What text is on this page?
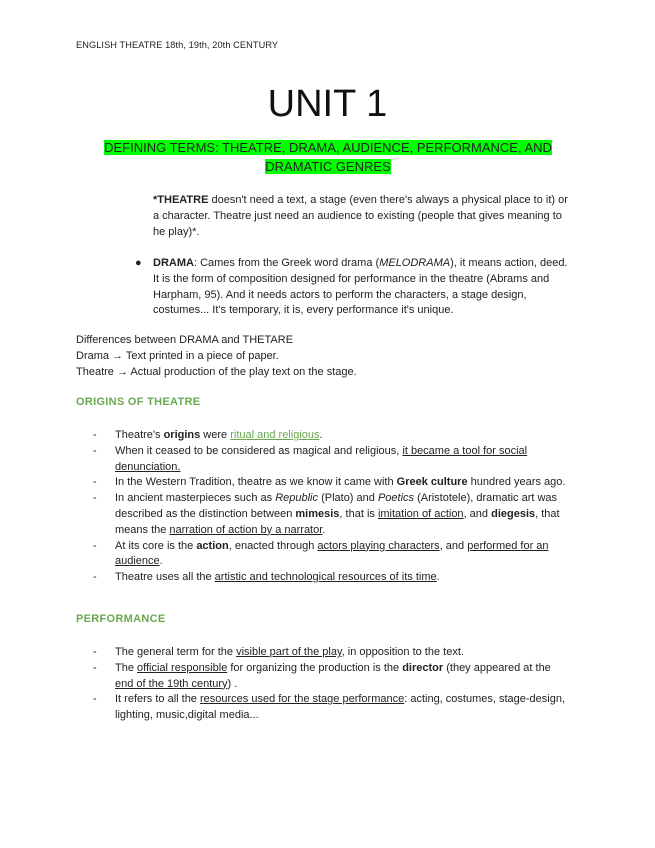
ENGLISH THEATRE 18th, 19th, 20th CENTURY
UNIT 1
DEFINING TERMS: THEATRE, DRAMA, AUDIENCE, PERFORMANCE, AND DRAMATIC GENRES
*THEATRE doesn't need a text, a stage (even there's always a physical place to it) or a character. Theatre just need an audience to existing (people that gives meaning to he play)*.
● DRAMA: Cames from the Greek word drama (MELODRAMA), it means action, deed. It is the form of composition designed for performance in the theatre (Abrams and Harpham, 95). And it needs actors to perform the characters, a stage design, costumes... It's temporary, it is, every performance it's unique.
Differences between DRAMA and THETARE
Drama → Text printed in a piece of paper.
Theatre → Actual production of the play text on the stage.
ORIGINS OF THEATRE
- Theatre's origins were ritual and religious.
- When it ceased to be considered as magical and religious, it became a tool for social denunciation.
- In the Western Tradition, theatre as we know it came with Greek culture hundred years ago.
- In ancient masterpieces such as Republic (Plato) and Poetics (Aristotele), dramatic art was described as the distinction between mimesis, that is imitation of action, and diegesis, that means the narration of action by a narrator.
- At its core is the action, enacted through actors playing characters, and performed for an audience.
- Theatre uses all the artistic and technological resources of its time.
PERFORMANCE
- The general term for the visible part of the play, in opposition to the text.
- The official responsible for organizing the production is the director (they appeared at the end of the 19th century) .
- It refers to all the resources used for the stage performance: acting, costumes, stage-design, lighting, music,digital media...
